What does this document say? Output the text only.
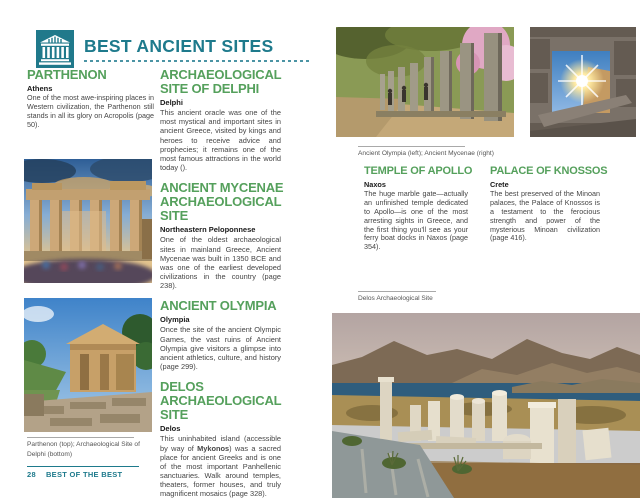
BEST ANCIENT SITES
PARTHENON
Athens

One of the most awe-inspiring places in Western civilization, the Parthenon still stands in all its glory on Acropolis (page 50).

Parthenon (top); Archaeological Site of Delphi (bottom)
28 BEST OF THE BEST
ARCHAEOLOGICAL SITE OF DELPHI
Delphi

This ancient oracle was one of the most mystical and important sites in ancient Greece, visited by kings and heroes to receive advice and prophecies; it remains one of the most famous attractions in the world today ().

ANCIENT MYCENAE ARCHAEOLOGICAL SITE
Northeastern Peloponnese

One of the oldest archaeological sites in mainland Greece, Ancient Mycenae was built in 1350 BCE and was one of the earliest developed civilizations in the country (page 238).

ANCIENT OLYMPIA
Olympia

Once the site of the ancient Olympic Games, the vast ruins of Ancient Olympia give visitors a glimpse into ancient athletics, culture, and history (page 299).

DELOS ARCHAEOLOGICAL SITE
Delos

This uninhabited island (accessible by way of Mykonos) was a sacred place for ancient Greeks and is one of the most important Panhellenic sanctuaries. Walk around temples, theaters, former houses, and truly magnificent mosaics (page 328).

Ancient Olympia (left); Ancient Mycenae (right)
TEMPLE OF APOLLO
Naxos

The huge marble gate—actually an unfinished temple dedicated to Apollo—is one of the most arresting sights in Greece, and the first thing you'll see as your ferry boat docks in Naxos (page 354).

PALACE OF KNOSSOS
Crete

The best preserved of the Minoan palaces, the Palace of Knossos is a testament to the ferocious strength and power of the mysterious Minoan civilization (page 416).

Delos Archaeological Site
